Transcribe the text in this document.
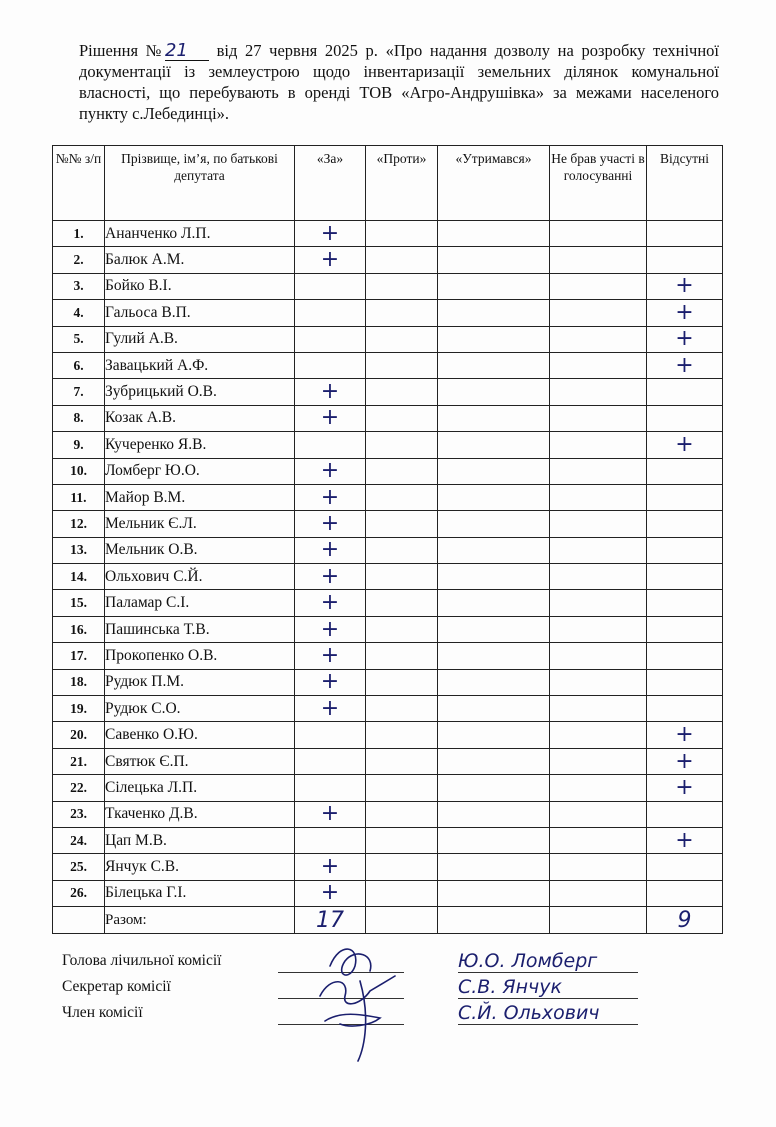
Рішення №21 від 27 червня 2025 р. «Про надання дозволу на розробку технічної документації із землеустрою щодо інвентаризації земельних ділянок комунальної власності, що перебувають в оренді ТОВ «Агро-Андрушівка» за межами населеного пункту с.Лебединці».
№№ з/п	Прізвище, ім’я, по батькові депутата	«За»	«Проти»	«Утримався»	Не брав участі в голосуванні	Відсутні
1.	Ананченко Л.П.	+				
2.	Балюк А.М.	+				
3.	Бойко В.І.					+
4.	Гальоса В.П.					+
5.	Гулий А.В.					+
6.	Завацький А.Ф.					+
7.	Зубрицький О.В.	+				
8.	Козак А.В.	+				
9.	Кучеренко Я.В.					+
10.	Ломберг Ю.О.	+				
11.	Майор В.М.	+				
12.	Мельник Є.Л.	+				
13.	Мельник О.В.	+				
14.	Ольхович С.Й.	+				
15.	Паламар С.І.	+				
16.	Пашинська Т.В.	+				
17.	Прокопенко О.В.	+				
18.	Рудюк П.М.	+				
19.	Рудюк С.О.	+				
20.	Савенко О.Ю.					+
21.	Святюк Є.П.					+
22.	Сілецька Л.П.					+
23.	Ткаченко Д.В.	+				
24.	Цап М.В.					+
25.	Янчук С.В.	+				
26.	Білецька Г.І.	+				
	Разом:	17				9
Голова лічильної комісії
Секретар комісії
Член комісії
Ю.О. Ломберг
С.В. Янчук
С.Й. Ольхович
